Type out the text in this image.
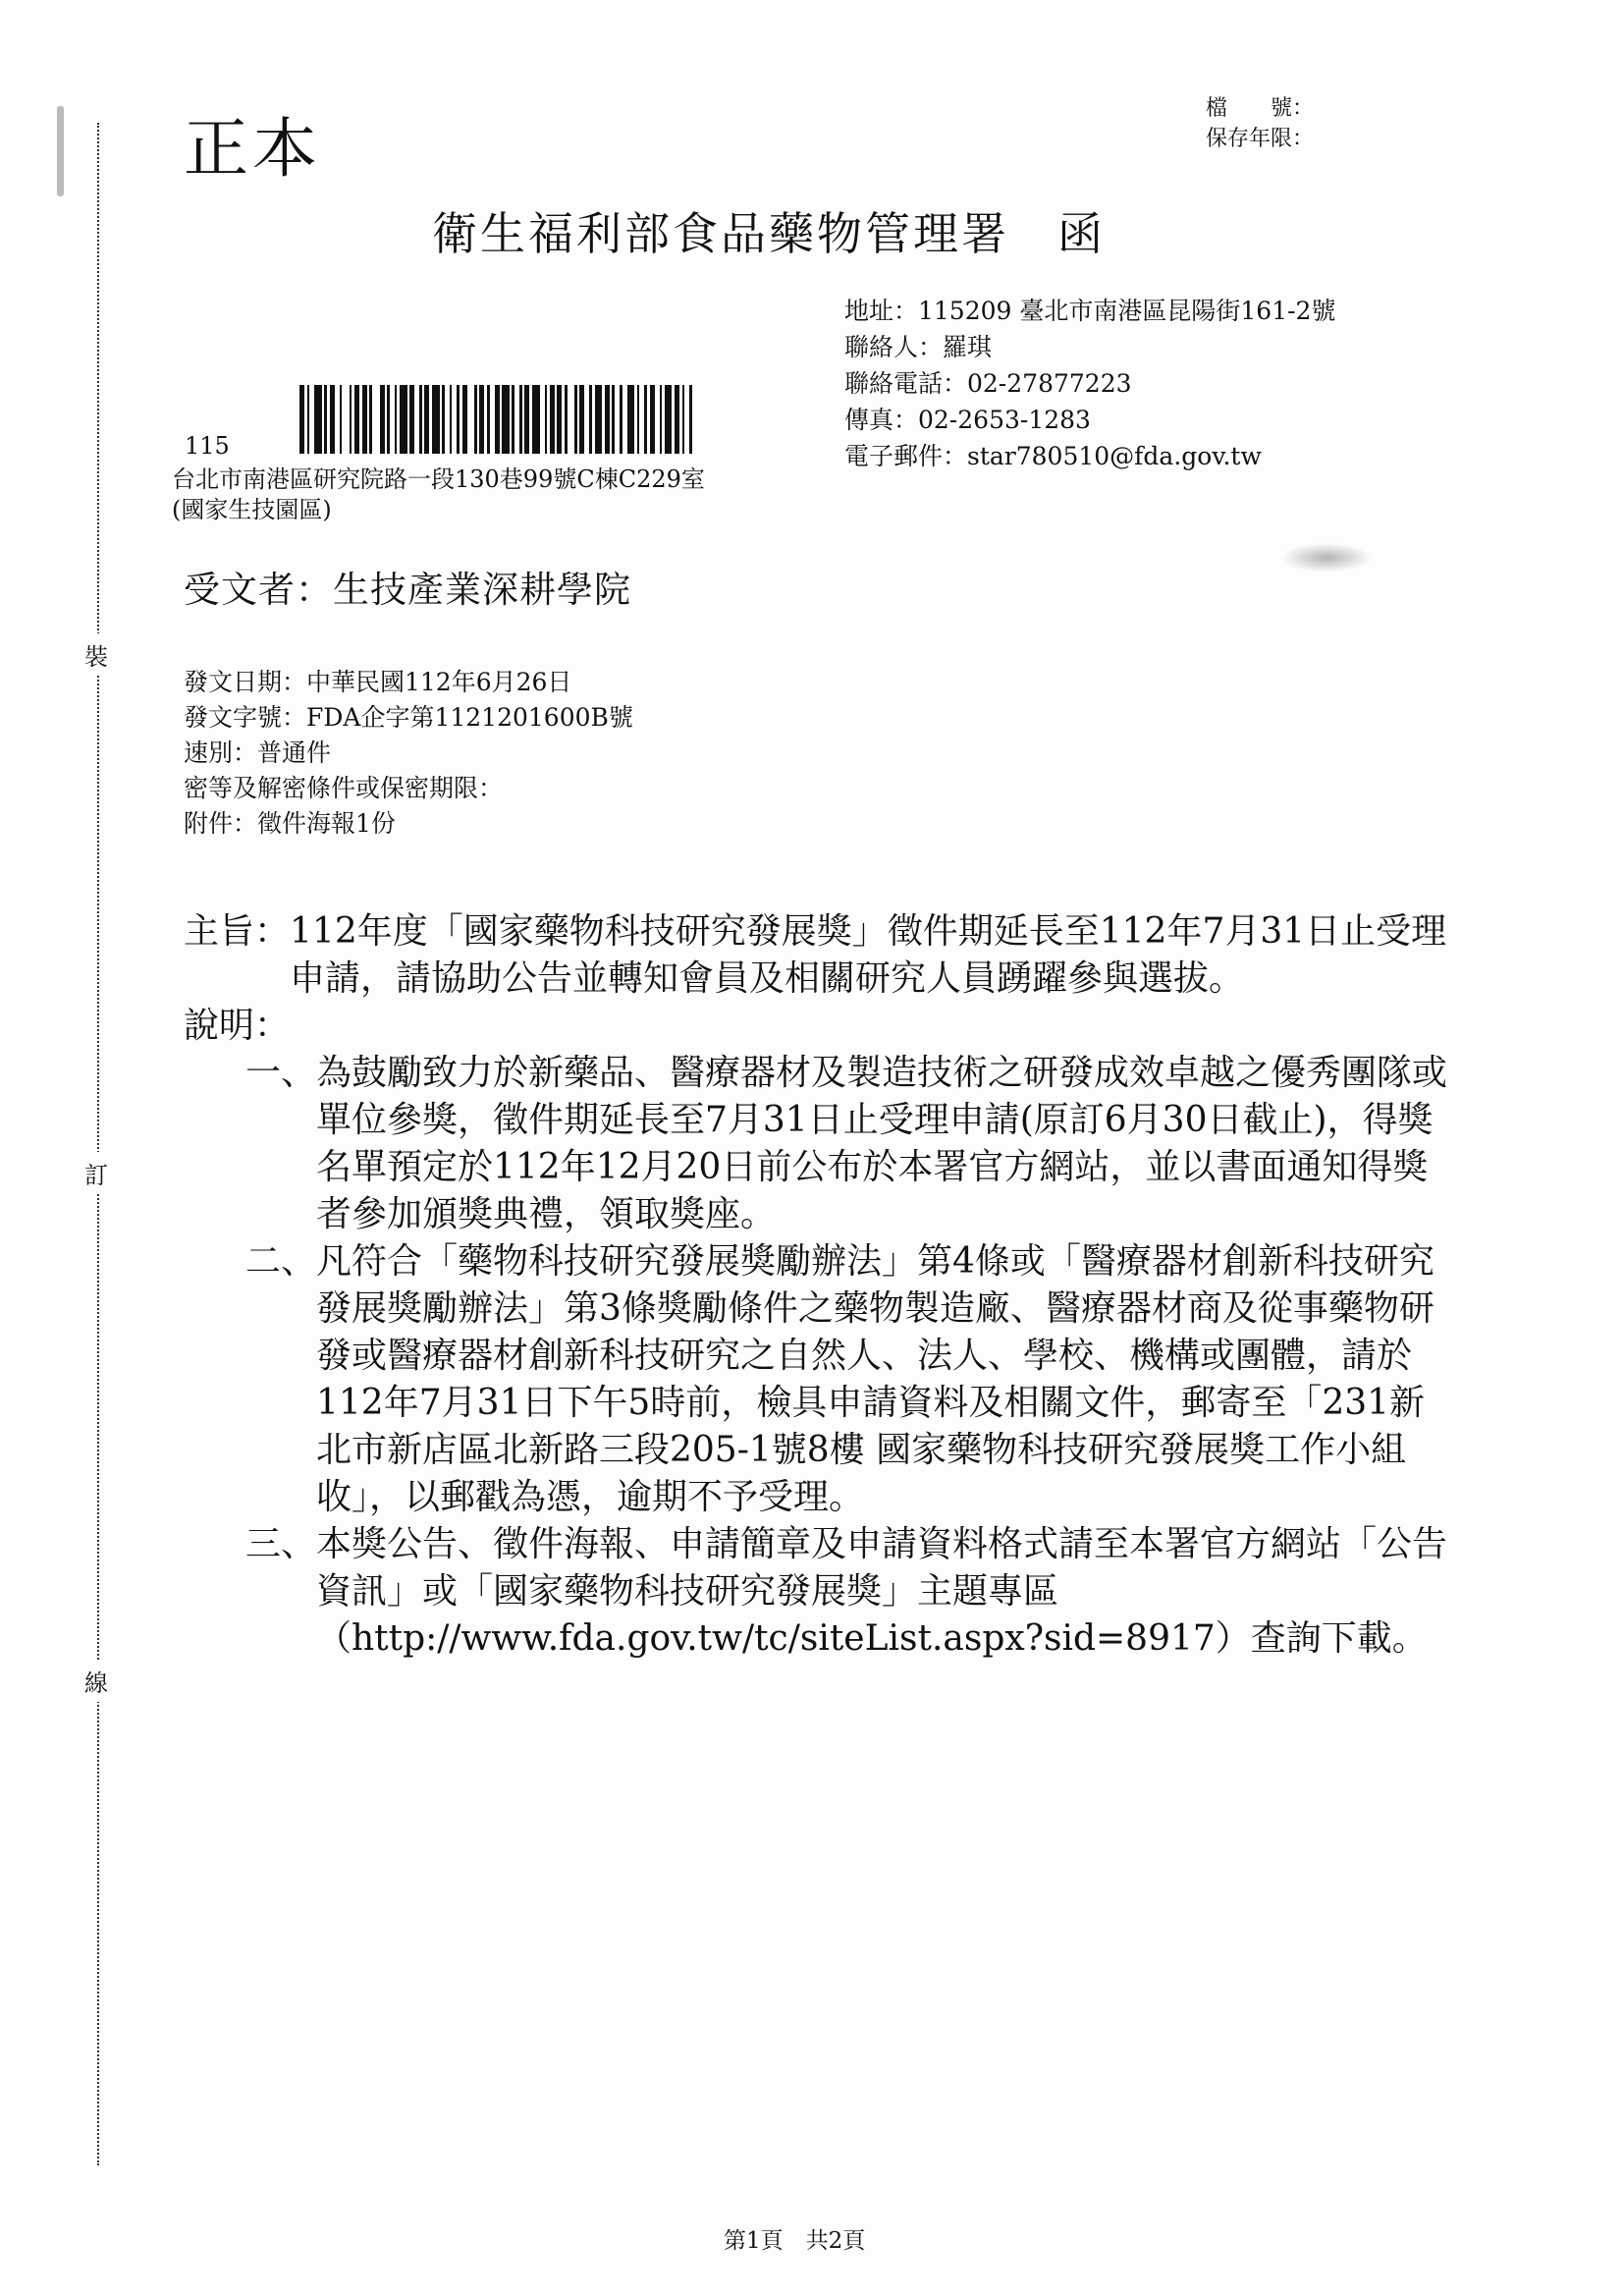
裝
訂
線
正本
檔　　號：
保存年限：
衛生福利部食品藥物管理署　函
地址：115209 臺北市南港區昆陽街161-2號
聯絡人：羅琪
聯絡電話：02-27877223
傳真：02-2653-1283
電子郵件：star780510@fda.gov.tw
115
台北市南港區研究院路一段130巷99號C棟C229室
(國家生技園區)
受文者：生技產業深耕學院
發文日期：中華民國112年6月26日
發文字號：FDA企字第1121201600B號
速別：普通件
密等及解密條件或保密期限：
附件：徵件海報1份
主旨： 112年度「國家藥物科技研究發展獎」徵件期延長至112年7月31日止受理申請，請協助公告並轉知會員及相關研究人員踴躍參與選拔。
說明：
一、 為鼓勵致力於新藥品、醫療器材及製造技術之研發成效卓越之優秀團隊或單位參獎，徵件期延長至7月31日止受理申請(原訂6月30日截止)，得獎名單預定於112年12月20日前公布於本署官方網站，並以書面通知得獎者參加頒獎典禮，領取獎座。
二、 凡符合「藥物科技研究發展獎勵辦法」第4條或「醫療器材創新科技研究發展獎勵辦法」第3條獎勵條件之藥物製造廠、醫療器材商及從事藥物研發或醫療器材創新科技研究之自然人、法人、學校、機構或團體，請於112年7月31日下午5時前，檢具申請資料及相關文件，郵寄至「231新北市新店區北新路三段205-1號8樓 國家藥物科技研究發展獎工作小組收」，以郵戳為憑，逾期不予受理。
三、 本獎公告、徵件海報、申請簡章及申請資料格式請至本署官方網站「公告資訊」或「國家藥物科技研究發展獎」主題專區（http://www.fda.gov.tw/tc/siteList.aspx?sid=8917）查詢下載。
第1頁　共2頁
